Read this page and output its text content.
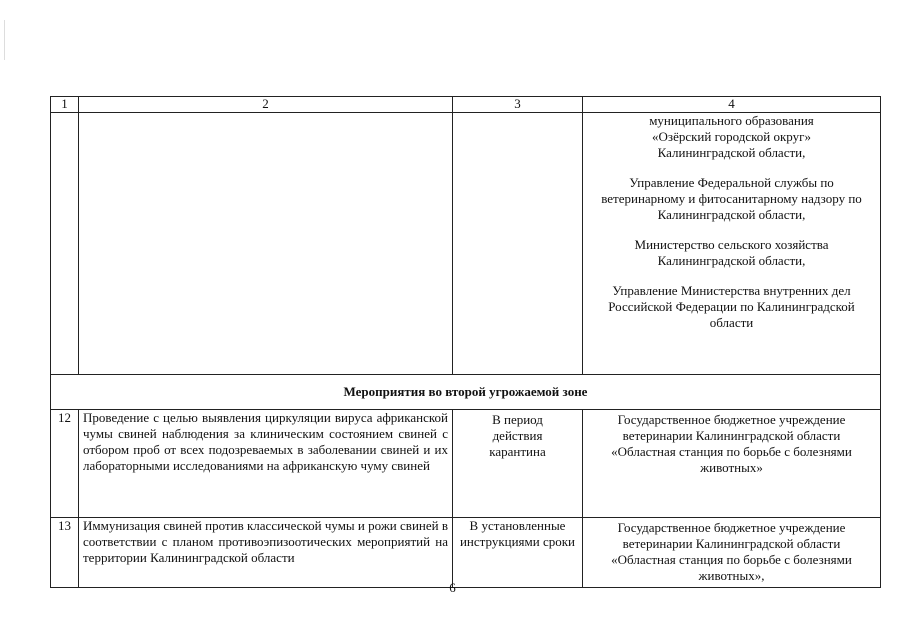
1	2	3	4

			муниципального образования «Озёрский городской округ» Калининградской области,
Управление Федеральной службы по ветеринарному и фитосанитарному надзору по Калининградской области,
Министерство сельского хозяйства Калининградской области,
Управление Министерства внутренних дел Российской Федерации по Калининградской области

Мероприятия во второй угрожаемой зоне			
12	Проведение с целью выявления циркуляции вируса африканской чумы свиней наблюдения за клиническим состоянием свиней с отбором проб от всех подозреваемых в заболевании свиней и их лабораторными исследованиями на африканскую чуму свиней	В период действия карантина	Государственное бюджетное учреждение ветеринарии Калининградской области «Областная станция по борьбе с болезнями животных»
13	Иммунизация свиней против классической чумы и рожи свиней в соответствии с планом противоэпизоотических мероприятий на территории Калининградской области	В установленные инструкциями сроки	Государственное бюджетное учреждение ветеринарии Калининградской области «Областная станция по борьбе с болезнями животных»,
6
